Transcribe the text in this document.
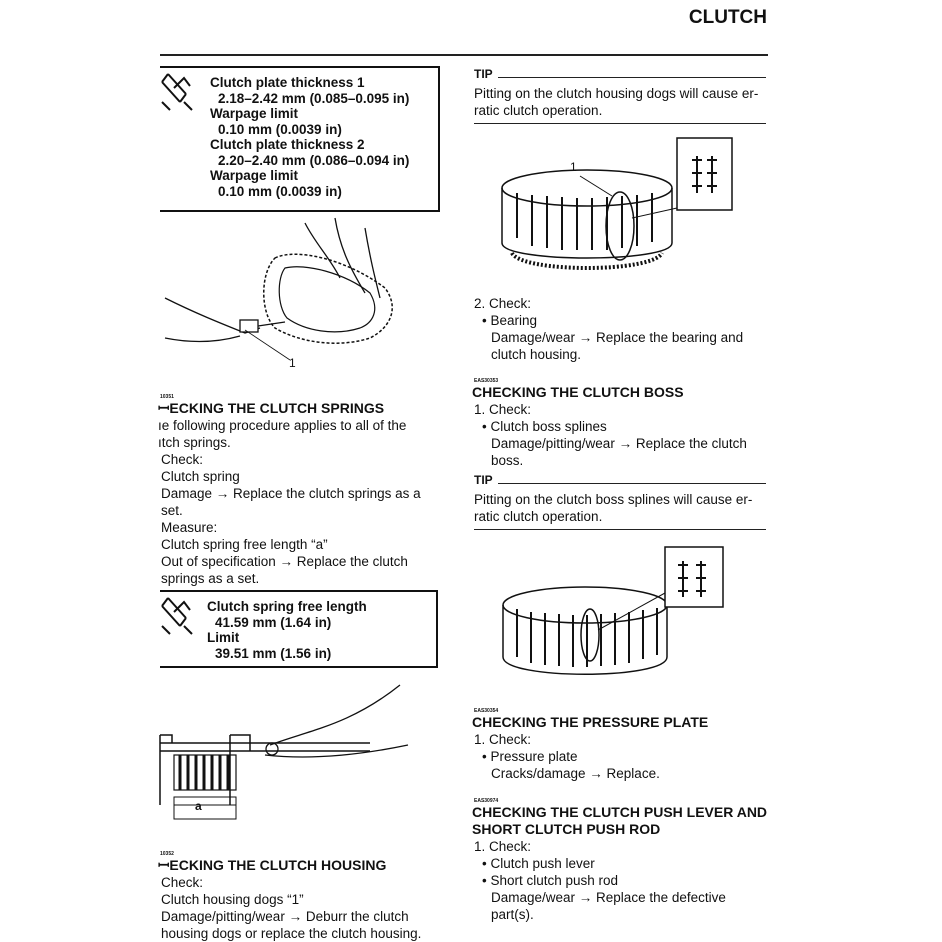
CLUTCH
Clutch plate thickness 1
2.18–2.42 mm (0.085–0.095 in)
Warpage limit
0.10 mm (0.0039 in)
Clutch plate thickness 2
2.20–2.40 mm (0.086–0.094 in)
Warpage limit
0.10 mm (0.0039 in)
1
10351
ꟷECKING THE CLUTCH SPRINGS
ıe following procedure applies to all of the
ıtch springs.
Check:
Clutch spring
Damage → Replace the clutch springs as a
set.
Measure:
Clutch spring free length “a”
Out of specification → Replace the clutch
springs as a set.
Clutch spring free length
41.59 mm (1.64 in)
Limit
39.51 mm (1.56 in)
a
10352
ꟷECKING THE CLUTCH HOUSING
Check:
Clutch housing dogs “1”
Damage/pitting/wear → Deburr the clutch
housing dogs or replace the clutch housing.
TIP
Pitting on the clutch housing dogs will cause er-
ratic clutch operation.
1
2. Check:
• Bearing
Damage/wear → Replace the bearing and
clutch housing.
EAS30353
CHECKING THE CLUTCH BOSS
1. Check:
• Clutch boss splines
Damage/pitting/wear → Replace the clutch
boss.
TIP
Pitting on the clutch boss splines will cause er-
ratic clutch operation.
EAS30354
CHECKING THE PRESSURE PLATE
1. Check:
• Pressure plate
Cracks/damage → Replace.
EAS30974
CHECKING THE CLUTCH PUSH LEVER AND
SHORT CLUTCH PUSH ROD
1. Check:
• Clutch push lever
• Short clutch push rod
Damage/wear → Replace the defective
part(s).
